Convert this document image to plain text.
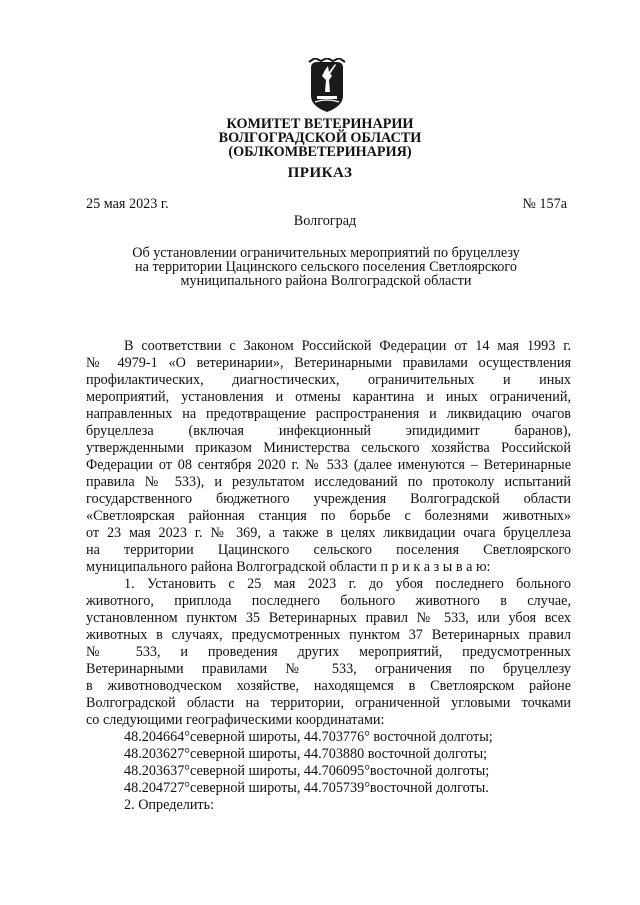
КОМИТЕТ ВЕТЕРИНАРИИ
ВОЛГОГРАДСКОЙ ОБЛАСТИ
(ОБЛКОМВЕТЕРИНАРИЯ)
ПРИКАЗ
25 мая 2023 г.	№ 157а
Волгоград
Об установлении ограничительных мероприятий по бруцеллезу
на территории Цацинского сельского поселения Светлоярского
муниципального района Волгоградской области
В соответствии с Законом Российской Федерации от 14 мая 1993 г.
№ 4979-1 «О ветеринарии», Ветеринарными правилами осуществления
профилактических, диагностических, ограничительных и иных
мероприятий, установления и отмены карантина и иных ограничений,
направленных на предотвращение распространения и ликвидацию очагов
бруцеллеза (включая инфекционный эпидидимит баранов),
утвержденными приказом Министерства сельского хозяйства Российской
Федерации от 08 сентября 2020 г. № 533 (далее именуются – Ветеринарные
правила № 533), и результатом исследований по протоколу испытаний
государственного бюджетного учреждения Волгоградской области
«Светлоярская районная станция по борьбе с болезнями животных»
от 23 мая 2023 г. № 369, а также в целях ликвидации очага бруцеллеза
на территории Цацинского сельского поселения Светлоярского
муниципального района Волгоградской области п р и к а з ы в а ю:
1. Установить с 25 мая 2023 г. до убоя последнего больного
животного, приплода последнего больного животного в случае,
установленном пунктом 35 Ветеринарных правил № 533, или убоя всех
животных в случаях, предусмотренных пунктом 37 Ветеринарных правил
№ 533, и проведения других мероприятий, предусмотренных
Ветеринарными правилами № 533, ограничения по бруцеллезу
в животноводческом хозяйстве, находящемся в Светлоярском районе
Волгоградской области на территории, ограниченной угловыми точками
со следующими географическими координатами:
48.204664°северной широты, 44.703776° восточной долготы;
48.203627°северной широты, 44.703880 восточной долготы;
48.203637°северной широты, 44.706095°восточной долготы;
48.204727°северной широты, 44.705739°восточной долготы.
2. Определить:
